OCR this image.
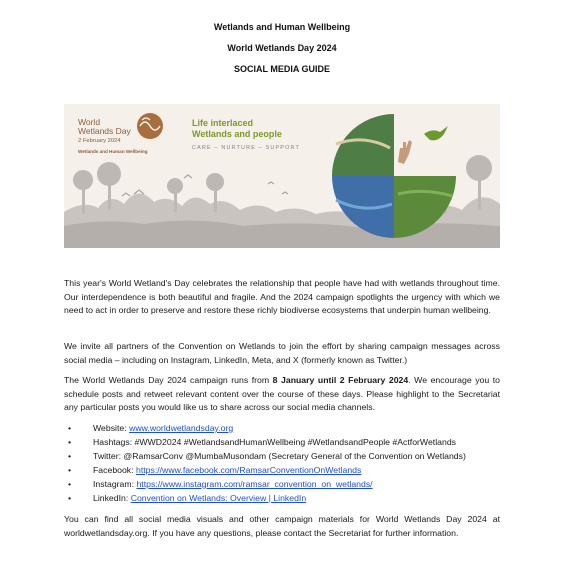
Wetlands and Human Wellbeing
World Wetlands Day 2024
SOCIAL MEDIA GUIDE
World
Wetlands Day
2 February 2024
Wetlands and Human Wellbeing
Life interlaced
Wetlands and people
CARE – NURTURE – SUPPORT

This year's World Wetland's Day celebrates the relationship that people have had with wetlands throughout time. Our interdependence is both beautiful and fragile. And the 2024 campaign spotlights the urgency with which we need to act in order to preserve and restore these richly biodiverse ecosystems that underpin human wellbeing.

We invite all partners of the Convention on Wetlands to join the effort by sharing campaign messages across social media – including on Instagram, LinkedIn, Meta, and X (formerly known as Twitter.)

The World Wetlands Day 2024 campaign runs from 8 January until 2 February 2024. We encourage you to schedule posts and retweet relevant content over the course of these days. Please highlight to the Secretariat any particular posts you would like us to share across our social media channels.

•	Website: www.worldwetlandsday.org
•	Hashtags: #WWD2024 #WetlandsandHumanWellbeing #WetlandsandPeople #ActforWetlands
•	Twitter: @RamsarConv @MumbaMusondam (Secretary General of the Convention on Wetlands)
•	Facebook: https://www.facebook.com/RamsarConventionOnWetlands
•	Instagram: https://www.instagram.com/ramsar_convention_on_wetlands/
•	LinkedIn: Convention on Wetlands: Overview | LinkedIn

You can find all social media visuals and other campaign materials for World Wetlands Day 2024 at worldwetlandsday.org. If you have any questions, please contact the Secretariat for further information.
